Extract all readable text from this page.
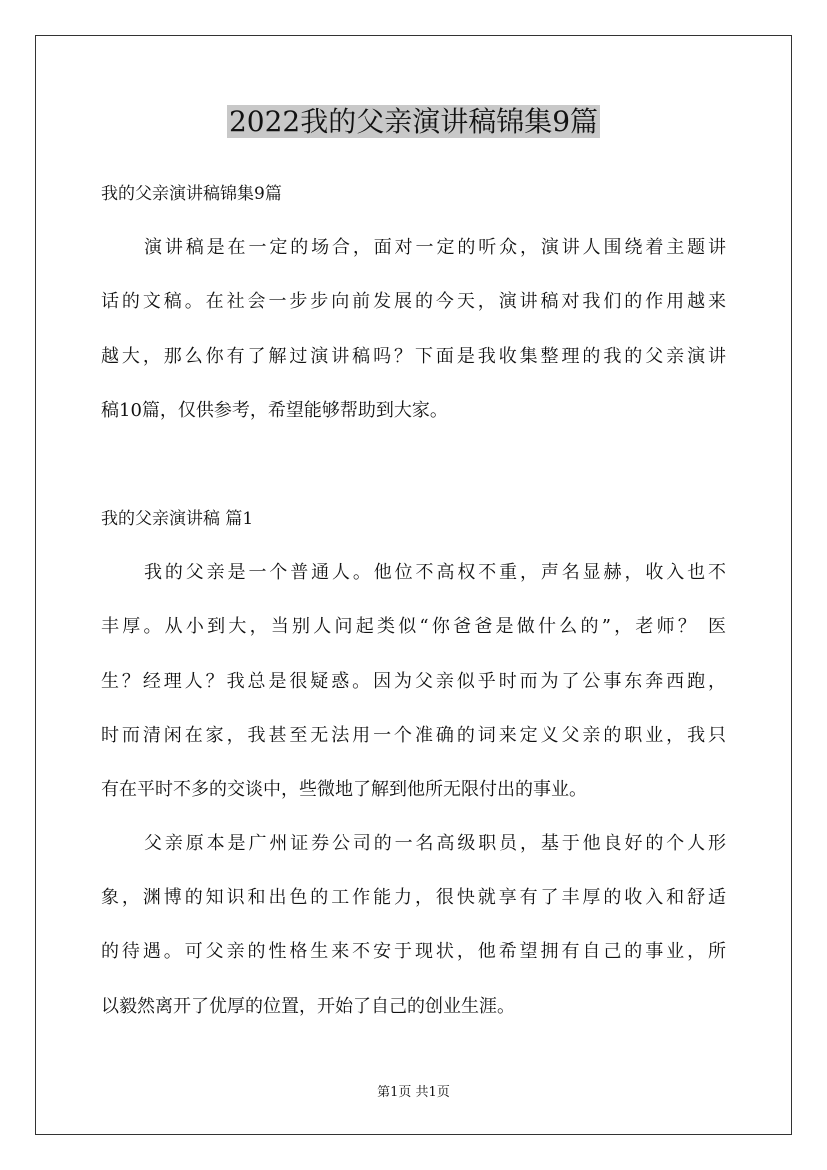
2022我的父亲演讲稿锦集9篇
我的父亲演讲稿锦集9篇
演讲稿是在一定的场合，面对一定的听众，演讲人围绕着主题讲
话的文稿。在社会一步步向前发展的今天，演讲稿对我们的作用越来
越大，那么你有了解过演讲稿吗？下面是我收集整理的我的父亲演讲
稿10篇，仅供参考，希望能够帮助到大家。
我的父亲演讲稿 篇1
我的父亲是一个普通人。他位不高权不重，声名显赫，收入也不
丰厚。从小到大，当别人问起类似“你爸爸是做什么的”，老师？ 医
生？经理人？我总是很疑惑。因为父亲似乎时而为了公事东奔西跑，
时而清闲在家，我甚至无法用一个准确的词来定义父亲的职业，我只
有在平时不多的交谈中，些微地了解到他所无限付出的事业。
父亲原本是广州证券公司的一名高级职员，基于他良好的个人形
象，渊博的知识和出色的工作能力，很快就享有了丰厚的收入和舒适
的待遇。可父亲的性格生来不安于现状，他希望拥有自己的事业，所
以毅然离开了优厚的位置，开始了自己的创业生涯。
第1页 共1页
